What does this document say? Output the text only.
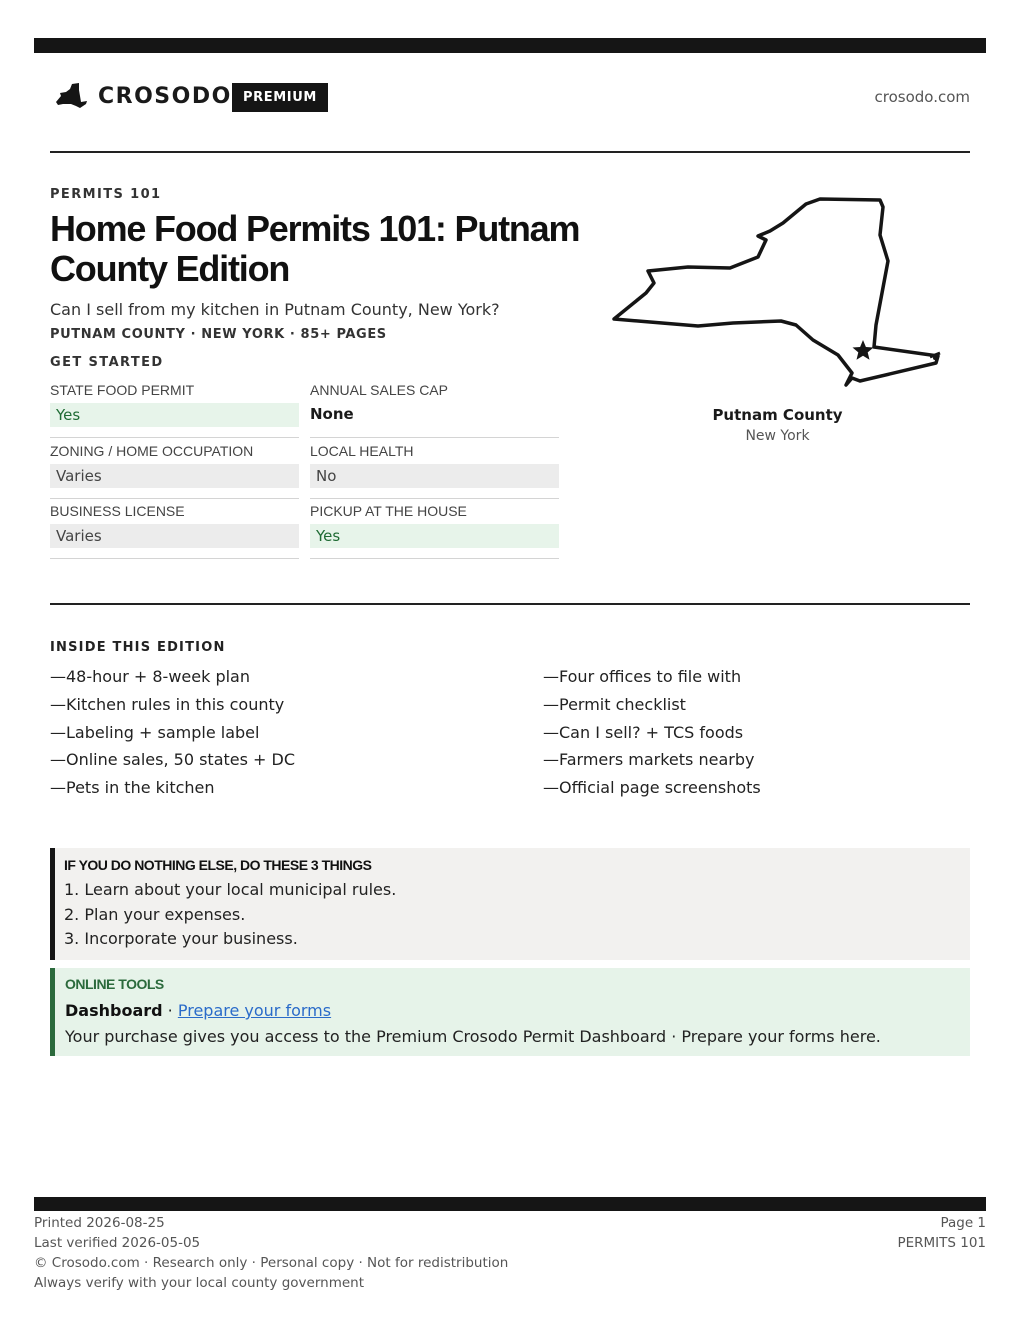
CROSODO PREMIUM	crosodo.com
PERMITS 101
Home Food Permits 101: Putnam County Edition

Can I sell from my kitchen in Putnam County, New York?

PUTNAM COUNTY · NEW YORK · 85+ PAGES
GET STARTED
STATE FOOD PERMIT
Yes
ANNUAL SALES CAP
None
ZONING / HOME OCCUPATION
Varies
LOCAL HEALTH
No
BUSINESS LICENSE
Varies
PICKUP AT THE HOUSE
Yes
Putnam County
New York
INSIDE THIS EDITION
—48-hour + 8-week plan
—Kitchen rules in this county
—Labeling + sample label
—Online sales, 50 states + DC
—Pets in the kitchen
—Four offices to file with
—Permit checklist
—Can I sell? + TCS foods
—Farmers markets nearby
—Official page screenshots
IF YOU DO NOTHING ELSE, DO THESE 3 THINGS
1. Learn about your local municipal rules.
2. Plan your expenses.
3. Incorporate your business.
ONLINE TOOLS
Dashboard · Prepare your forms
Your purchase gives you access to the Premium Crosodo Permit Dashboard · Prepare your forms here.
Printed 2026-08-25
Last verified 2026-05-05
© Crosodo.com · Research only · Personal copy · Not for redistribution
Always verify with your local county government
Page 1
PERMITS 101
